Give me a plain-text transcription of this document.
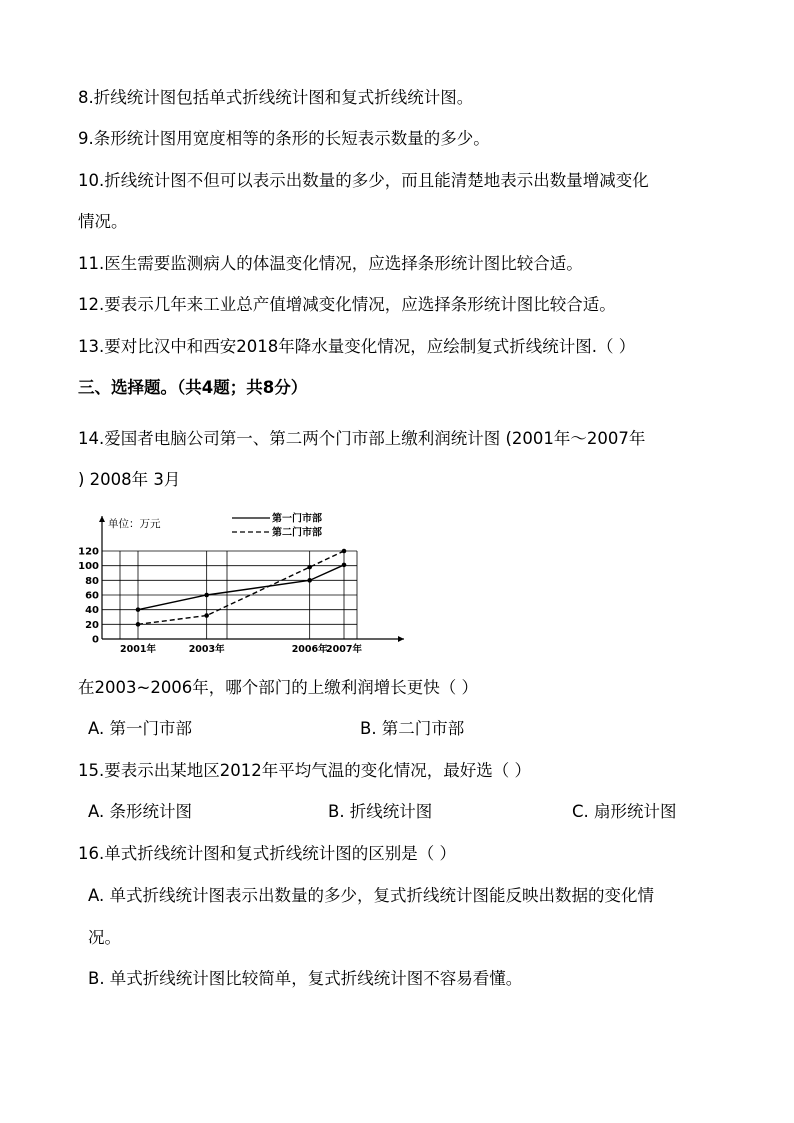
8.折线统计图包括单式折线统计图和复式折线统计图。
9.条形统计图用宽度相等的条形的长短表示数量的多少。
10.折线统计图不但可以表示出数量的多少，而且能清楚地表示出数量增减变化
情况。
11.医生需要监测病人的体温变化情况，应选择条形统计图比较合适。
12.要表示几年来工业总产值增减变化情况，应选择条形统计图比较合适。
13.要对比汉中和西安2018年降水量变化情况，应绘制复式折线统计图.（ ）
三、选择题。（共4题；共8分）
14.爱国者电脑公司第一、第二两个门市部上缴利润统计图 (2001年～2007年
) 2008年 3月
0
20
40
60
80
100
120
2001年	2003年	2006年
2007年
第一门市部
第二门市部
单位：万元
在2003~2006年，哪个部门的上缴利润增长更快（ ）
A. 第一门市部	B. 第二门市部
15.要表示出某地区2012年平均气温的变化情况，最好选（ ）
A. 条形统计图	B. 折线统计图	C. 扇形统计图
16.单式折线统计图和复式折线统计图的区别是（ ）
A. 单式折线统计图表示出数量的多少，复式折线统计图能反映出数据的变化情
况。
B. 单式折线统计图比较简单，复式折线统计图不容易看懂。
